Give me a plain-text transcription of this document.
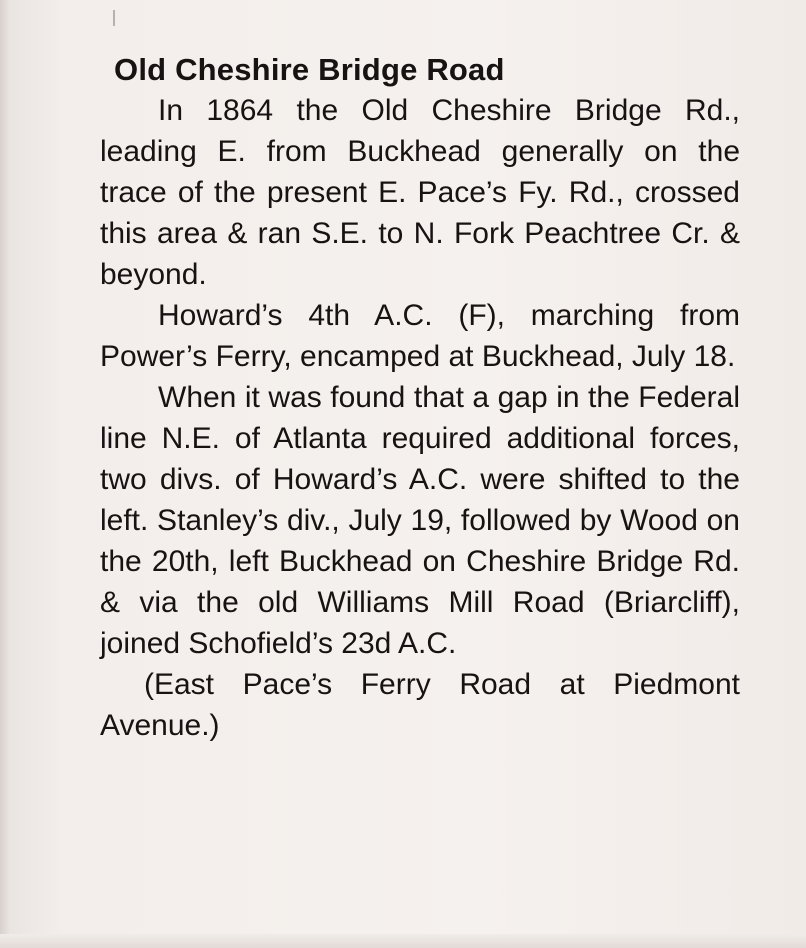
Old Cheshire Bridge Road

In 1864 the Old Cheshire Bridge Rd., leading E. from Buckhead generally on the trace of the present E. Pace’s Fy. Rd., crossed this area & ran S.E. to N. Fork Peachtree Cr. & beyond.

Howard’s 4th A.C. (F), marching from Power’s Ferry, encamped at Buckhead, July 18.

When it was found that a gap in the Federal line N.E. of Atlanta required additional forces, two divs. of Howard’s A.C. were shifted to the left. Stanley’s div., July 19, followed by Wood on the 20th, left Buckhead on Cheshire Bridge Rd. & via the old Williams Mill Road (Briarcliff), joined Schofield’s 23d A.C.

(East Pace’s Ferry Road at Piedmont Avenue.)
